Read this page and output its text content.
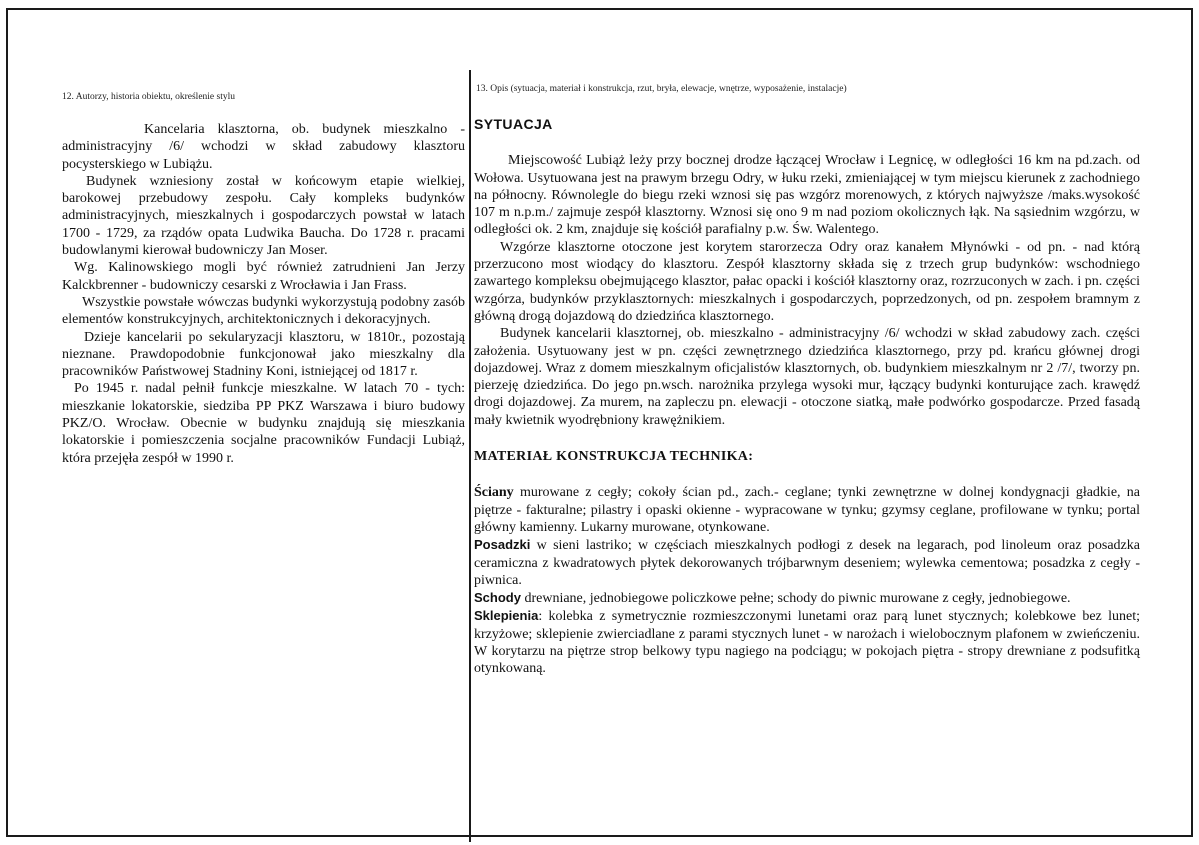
12. Autorzy, historia obiektu, określenie stylu
13. Opis (sytuacja, materiał i konstrukcja, rzut, bryła, elewacje, wnętrze, wyposażenie, instalacje)

Kancelaria klasztorna, ob. budynek mieszkalno - administracyjny /6/ wchodzi w skład zabudowy klasztoru pocysterskiego w Lubiążu.

Budynek wzniesiony został w końcowym etapie wielkiej, barokowej przebudowy zespołu. Cały kompleks budynków administracyjnych, mieszkalnych i gospodarczych powstał w latach 1700 - 1729, za rządów opata Ludwika Baucha. Do 1728 r. pracami budowlanymi kierował budowniczy Jan Moser.

Wg. Kalinowskiego mogli być również zatrudnieni Jan Jerzy Kalckbrenner - budowniczy cesarski z Wrocławia i Jan Frass.

Wszystkie powstałe wówczas budynki wykorzystują podobny zasób elementów konstrukcyjnych, architektonicznych i dekoracyjnych.

Dzieje kancelarii po sekularyzacji klasztoru, w 1810r., pozostają nieznane. Prawdopodobnie funkcjonował jako mieszkalny dla pracowników Państwowej Stadniny Koni, istniejącej od 1817 r.

Po 1945 r. nadal pełnił funkcje mieszkalne. W latach 70 - tych: mieszkanie lokatorskie, siedziba PP PKZ Warszawa i biuro budowy PKZ/O. Wrocław. Obecnie w budynku znajdują się mieszkania lokatorskie i pomieszczenia socjalne pracowników Fundacji Lubiąż, która przejęła zespół w 1990 r.

SYTUACJA

Miejscowość Lubiąż leży przy bocznej drodze łączącej Wrocław i Legnicę, w odległości 16 km na pd.zach. od Wołowa. Usytuowana jest na prawym brzegu Odry, w łuku rzeki, zmieniającej w tym miejscu kierunek z zachodniego na północny. Równolegle do biegu rzeki wznosi się pas wzgórz morenowych, z których najwyższe /maks.wysokość 107 m n.p.m./ zajmuje zespół klasztorny. Wznosi się ono 9 m nad poziom okolicznych łąk. Na sąsiednim wzgórzu, w odległości ok. 2 km, znajduje się kościół parafialny p.w. Św. Walentego.

Wzgórze klasztorne otoczone jest korytem starorzecza Odry oraz kanałem Młynówki - od pn. - nad którą przerzucono most wiodący do klasztoru. Zespół klasztorny składa się z trzech grup budynków: wschodniego zawartego kompleksu obejmującego klasztor, pałac opacki i kościół klasztorny oraz, rozrzuconych w zach. i pn. części wzgórza, budynków przyklasztornych: mieszkalnych i gospodarczych, poprzedzonych, od pn. zespołem bramnym z główną drogą dojazdową do dziedzińca klasztornego.

Budynek kancelarii klasztornej, ob. mieszkalno - administracyjny /6/ wchodzi w skład zabudowy zach. części założenia. Usytuowany jest w pn. części zewnętrznego dziedzińca klasztornego, przy pd. krańcu głównej drogi dojazdowej. Wraz z domem mieszkalnym oficjalistów klasztornych, ob. budynkiem mieszkalnym nr 2 /7/, tworzy pn. pierzeję dziedzińca. Do jego pn.wsch. narożnika przylega wysoki mur, łączący budynki konturujące zach. krawędź drogi dojazdowej. Za murem, na zapleczu pn. elewacji - otoczone siatką, małe podwórko gospodarcze. Przed fasadą mały kwietnik wyodrębniony krawężnikiem.

MATERIAŁ KONSTRUKCJA TECHNIKA:

Ściany murowane z cegły; cokoły ścian pd., zach.- ceglane; tynki zewnętrzne w dolnej kondygnacji gładkie, na piętrze - fakturalne; pilastry i opaski okienne - wypracowane w tynku; gzymsy ceglane, profilowane w tynku; portal główny kamienny. Lukarny murowane, otynkowane.

Posadzki w sieni lastriko; w częściach mieszkalnych podłogi z desek na legarach, pod linoleum oraz posadzka ceramiczna z kwadratowych płytek dekorowanych trójbarwnym deseniem; wylewka cementowa; posadzka z cegły - piwnica.

Schody drewniane, jednobiegowe policzkowe pełne; schody do piwnic murowane z cegły, jednobiegowe.

Sklepienia: kolebka z symetrycznie rozmieszczonymi lunetami oraz parą lunet stycznych; kolebkowe bez lunet; krzyżowe; sklepienie zwierciadlane z parami stycznych lunet - w narożach i wielobocznym plafonem w zwieńczeniu. W korytarzu na piętrze strop belkowy typu nagiego na podciągu; w pokojach piętra - stropy drewniane z podsufitką otynkowaną.
